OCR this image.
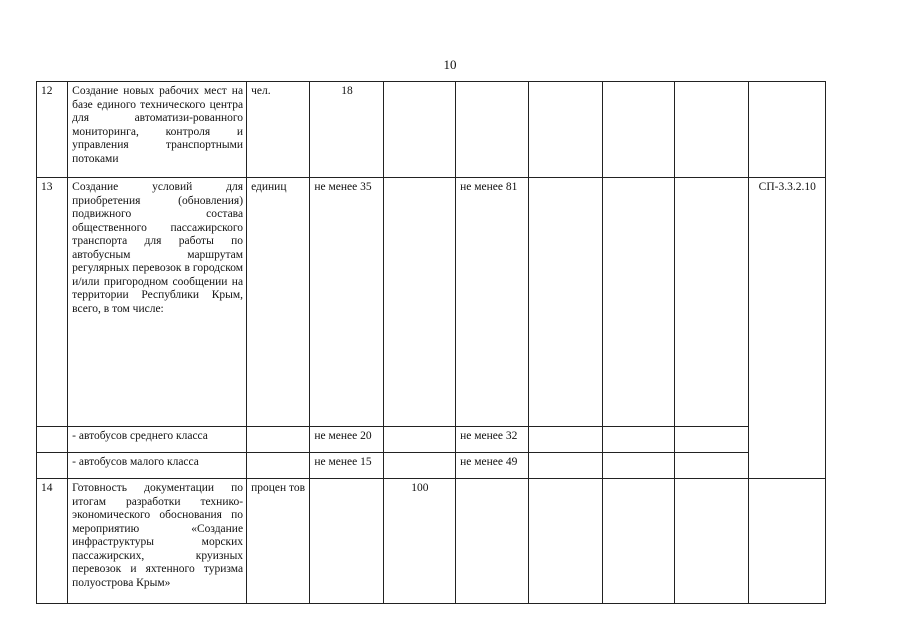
10
12	Создание новых рабочих мест на базе единого технического центра для автоматизи-рованного мониторинга, контроля и управления транспортными потоками	чел.	18						
13	Создание условий для приобретения (обновления) подвижного состава общественного пассажирского транспорта для работы по автобусным маршрутам регулярных перевозок в городском и/или пригородном сообщении на территории Республики Крым, всего, в том числе:	единиц	не менее 35		не менее 81				СП-3.3.2.10
	- автобусов среднего класса		не менее 20		не менее 32				
	- автобусов малого класса		не менее 15		не менее 49				
14	Готовность документации по итогам разработки технико-экономического обоснования по мероприятию «Создание инфраструктуры морских пассажирских, круизных перевозок и яхтенного туризма полуострова Крым»	процен тов		100					
